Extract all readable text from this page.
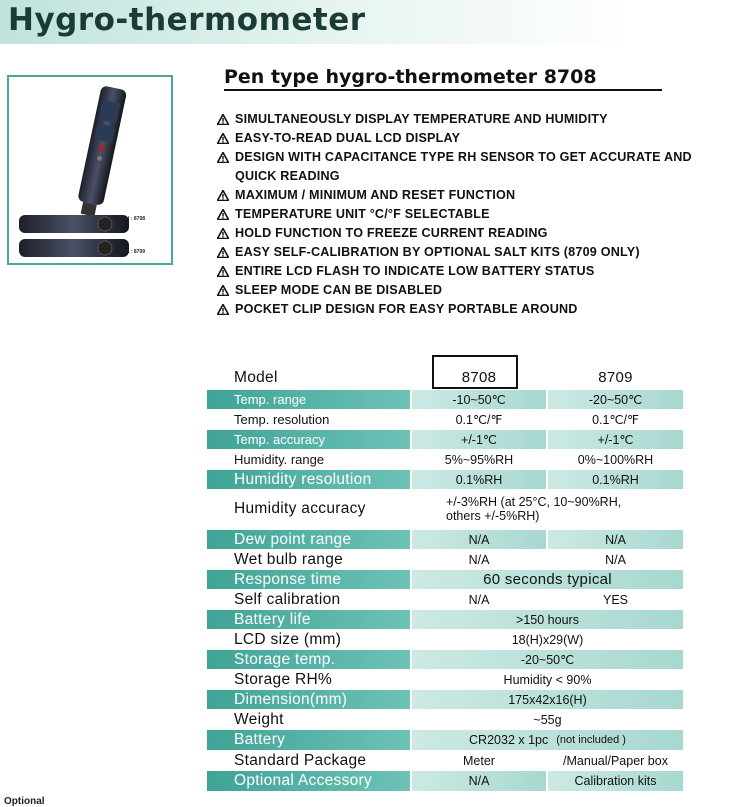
Hygro-thermometer
Model : 8708
Model : 8709
Pen type hygro-thermometer 8708
SIMULTANEOUSLY DISPLAY TEMPERATURE AND HUMIDITY
EASY-TO-READ DUAL LCD DISPLAY
DESIGN WITH CAPACITANCE TYPE RH SENSOR TO GET ACCURATE AND QUICK READING
MAXIMUM / MINIMUM AND RESET FUNCTION
TEMPERATURE UNIT °C/°F SELECTABLE
HOLD FUNCTION TO FREEZE CURRENT READING
EASY SELF-CALIBRATION BY OPTIONAL SALT KITS (8709 ONLY)
ENTIRE LCD FLASH TO INDICATE LOW BATTERY STATUS
SLEEP MODE CAN BE DISABLED
POCKET CLIP DESIGN FOR EASY PORTABLE AROUND
Model	8708	8709
Temp. range	-10~50℃	-20~50℃
Temp. resolution	0.1℃/℉	0.1℃/℉
Temp. accuracy	+/-1℃	+/-1℃
Humidity. range	5%~95%RH	0%~100%RH
Humidity resolution	0.1%RH	0.1%RH
Humidity accuracy	+/-3%RH (at 25°C, 10~90%RH,
others +/-5%RH)
Dew point range	N/A	N/A
Wet bulb range	N/A	N/A
Response time	60 seconds typical
Self calibration	N/A	YES
Battery life	>150 hours
LCD size (mm)	18(H)x29(W)
Storage temp.	-20~50℃
Storage RH%	Humidity < 90%
Dimension(mm)	175x42x16(H)
Weight	~55g
Battery	CR2032 x 1pc (not included )
Standard Package	Meter	/Manual/Paper box
Optional Accessory	N/A	Calibration kits
Optional
